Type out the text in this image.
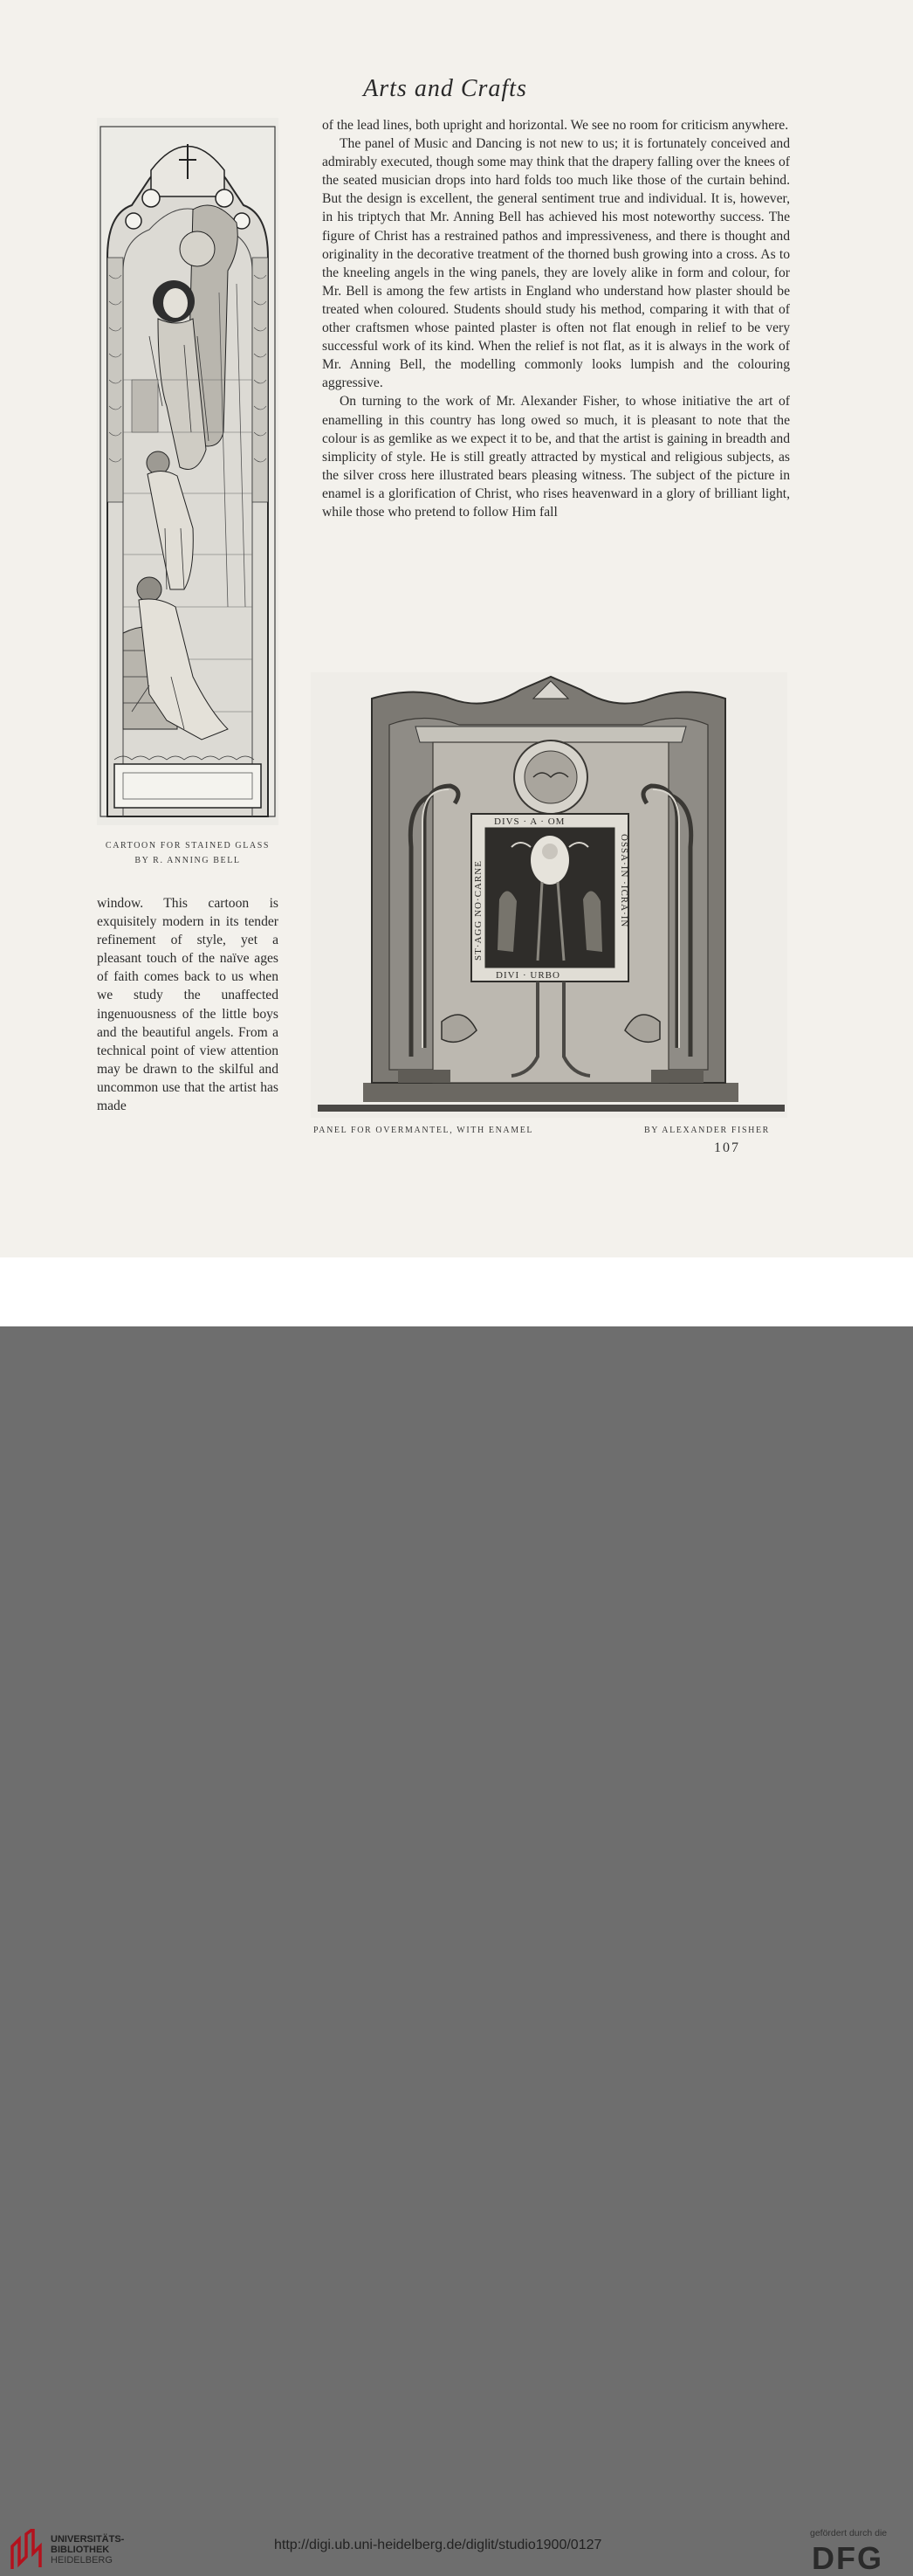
Arts and Crafts
CARTOON FOR STAINED GLASS
BY R. ANNING BELL
window. This cartoon is exquisitely modern in its tender refinement of style, yet a pleasant touch of the naïve ages of faith comes back to us when we study the unaffected ingenuousness of the little boys and the beautiful angels. From a technical point of view attention may be drawn to the skilful and uncommon use that the artist has made

of the lead lines, both upright and horizontal. We see no room for criticism anywhere.

The panel of Music and Dancing is not new to us; it is fortunately conceived and admirably executed, though some may think that the drapery falling over the knees of the seated musician drops into hard folds too much like those of the curtain behind. But the design is excellent, the general sentiment true and individual. It is, however, in his triptych that Mr. Anning Bell has achieved his most noteworthy success. The figure of Christ has a restrained pathos and impressiveness, and there is thought and originality in the decorative treatment of the thorned bush growing into a cross. As to the kneeling angels in the wing panels, they are lovely alike in form and colour, for Mr. Bell is among the few artists in England who understand how plaster should be treated when coloured. Students should study his method, comparing it with that of other craftsmen whose painted plaster is often not flat enough in relief to be very successful work of its kind. When the relief is not flat, as it is always in the work of Mr. Anning Bell, the modelling commonly looks lumpish and the colouring aggressive.

On turning to the work of Mr. Alexander Fisher, to whose initiative the art of enamelling in this country has long owed so much, it is pleasant to note that the colour is as gemlike as we expect it to be, and that the artist is gaining in breadth and simplicity of style. He is still greatly attracted by mystical and religious subjects, as the silver cross here illustrated bears pleasing witness. The subject of the picture in enamel is a glorification of Christ, who rises heavenward in a glory of brilliant light, while those who pretend to follow Him fall

DIVS · A · OM
DIVI · URBO
ST·AGG NO·CARNE	OSSA·IN ·ICRA·IN
PANEL FOR OVERMANTEL, WITH ENAMEL	BY ALEXANDER FISHER
107
UNIVERSITÄTS-
BIBLIOTHEK
HEIDELBERG
http://digi.ub.uni-heidelberg.de/diglit/studio1900/0127
gefördert durch die
DFG
